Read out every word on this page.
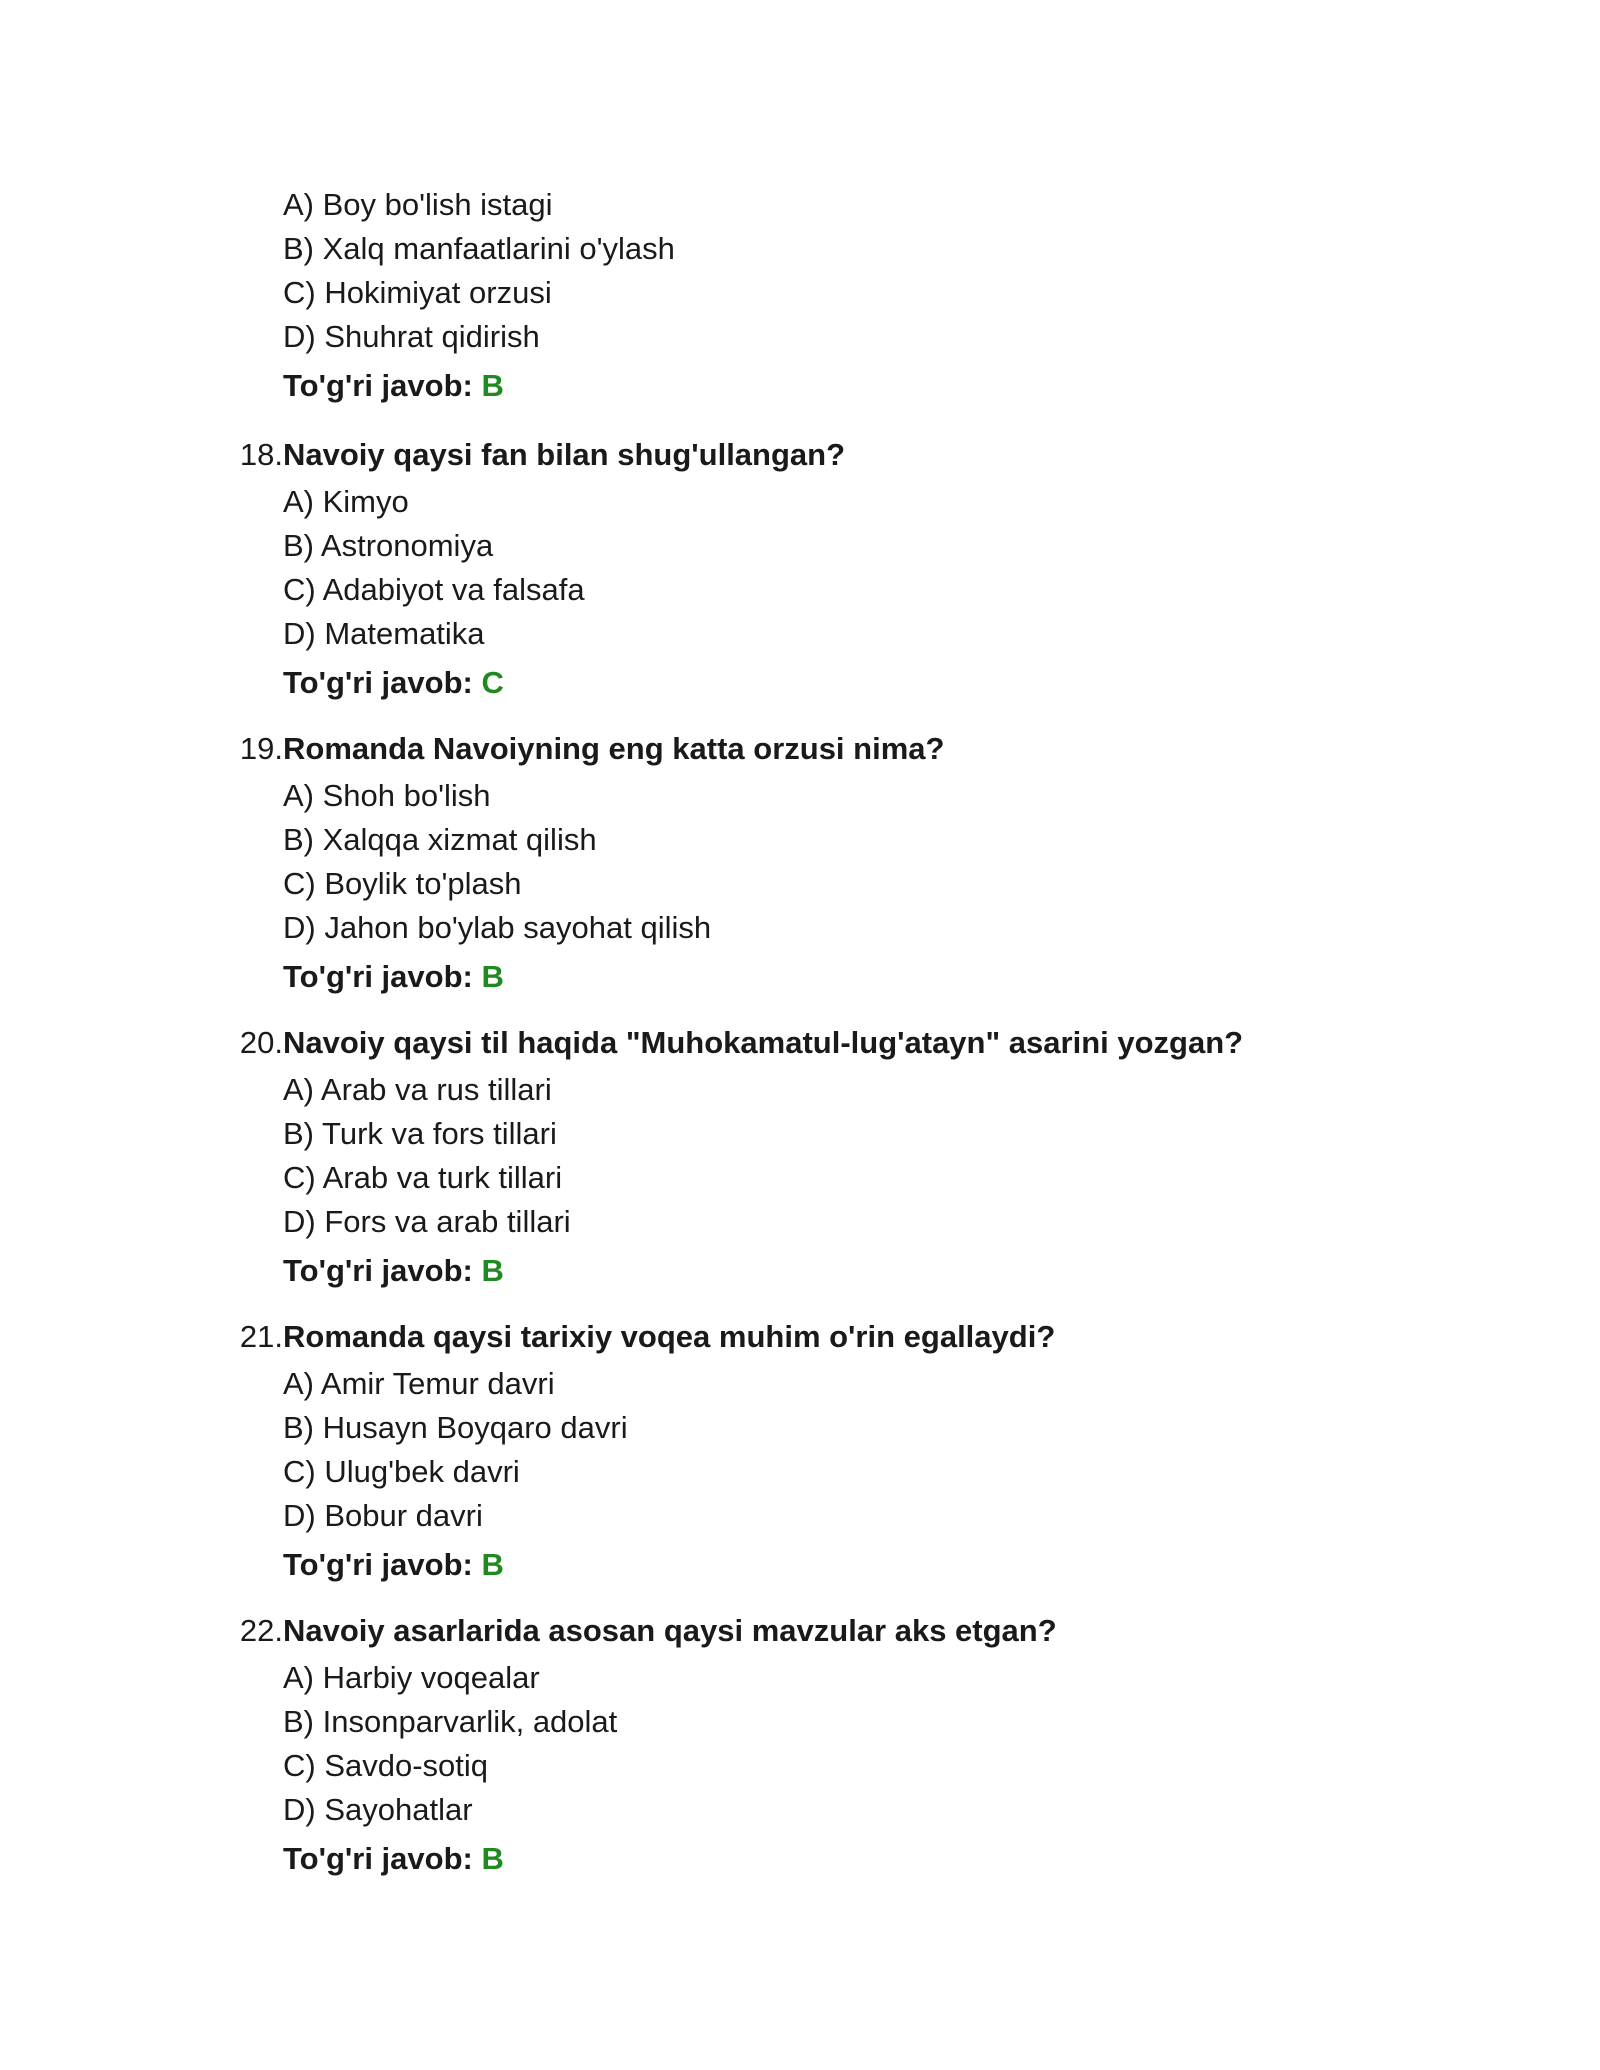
A) Boy bo'lish istagi
B) Xalq manfaatlarini o'ylash
C) Hokimiyat orzusi
D) Shuhrat qidirish
To'g'ri javob: B
18. Navoiy qaysi fan bilan shug'ullangan?
A) Kimyo
B) Astronomiya
C) Adabiyot va falsafa
D) Matematika
To'g'ri javob: C
19. Romanda Navoiyning eng katta orzusi nima?
A) Shoh bo'lish
B) Xalqqa xizmat qilish
C) Boylik to'plash
D) Jahon bo'ylab sayohat qilish
To'g'ri javob: B
20. Navoiy qaysi til haqida "Muhokamatul-lug'atayn" asarini yozgan?
A) Arab va rus tillari
B) Turk va fors tillari
C) Arab va turk tillari
D) Fors va arab tillari
To'g'ri javob: B
21. Romanda qaysi tarixiy voqea muhim o'rin egallaydi?
A) Amir Temur davri
B) Husayn Boyqaro davri
C) Ulug'bek davri
D) Bobur davri
To'g'ri javob: B
22. Navoiy asarlarida asosan qaysi mavzular aks etgan?
A) Harbiy voqealar
B) Insonparvarlik, adolat
C) Savdo-sotiq
D) Sayohatlar
To'g'ri javob: B
